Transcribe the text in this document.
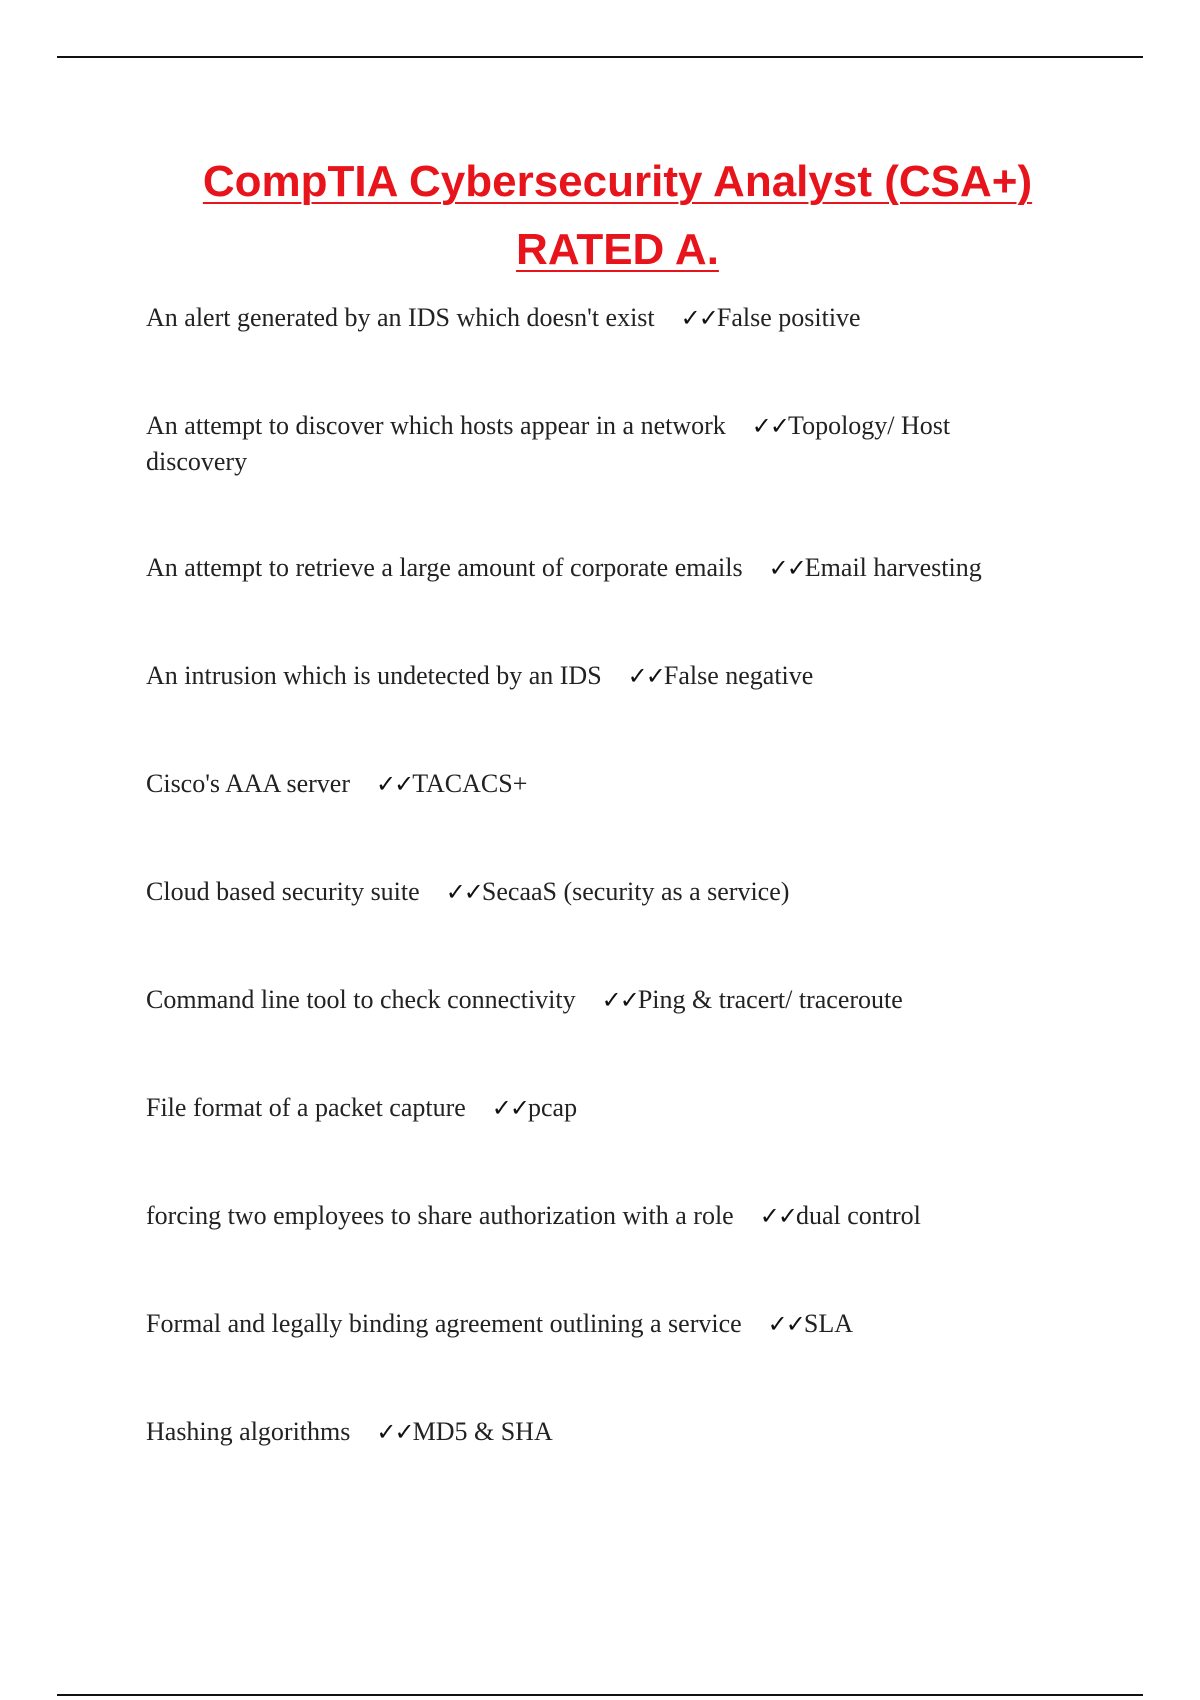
CompTIA Cybersecurity Analyst (CSA+)
RATED A.
An alert generated by an IDS which doesn't exist ✓✓False positive
An attempt to discover which hosts appear in a network ✓✓Topology/ Host discovery
An attempt to retrieve a large amount of corporate emails ✓✓Email harvesting
An intrusion which is undetected by an IDS ✓✓False negative
Cisco's AAA server ✓✓TACACS+
Cloud based security suite ✓✓SecaaS (security as a service)
Command line tool to check connectivity ✓✓Ping & tracert/ traceroute
File format of a packet capture ✓✓pcap
forcing two employees to share authorization with a role ✓✓dual control
Formal and legally binding agreement outlining a service ✓✓SLA
Hashing algorithms ✓✓MD5 & SHA
